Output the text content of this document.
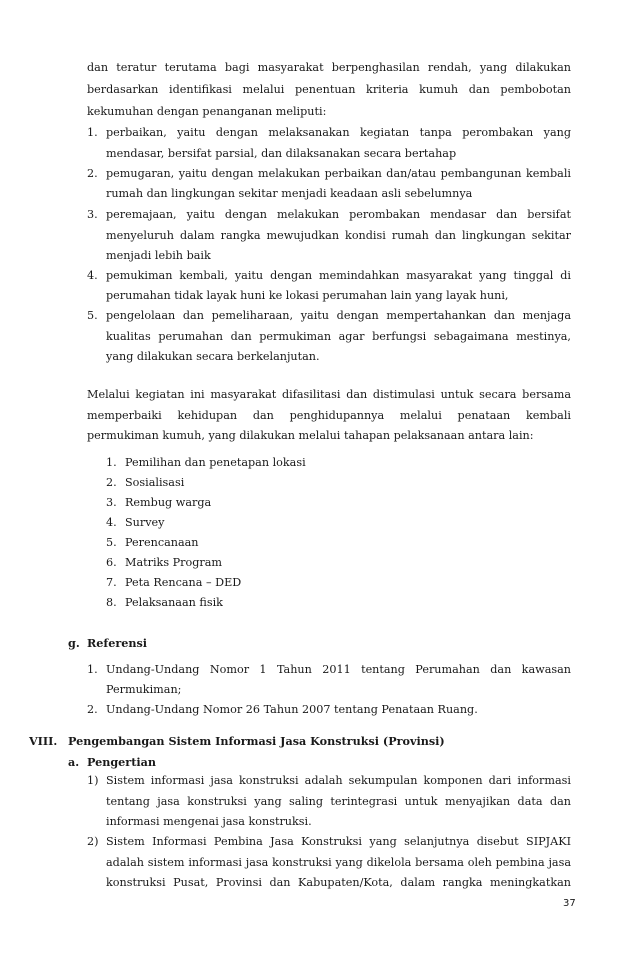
dan teratur terutama bagi masyarakat berpenghasilan rendah, yang dilakukan
berdasarkan identifikasi melalui penentuan kriteria kumuh dan pembobotan
kekumuhan dengan penanganan meliputi:
1. perbaikan, yaitu dengan melaksanakan kegiatan tanpa perombakan yang
mendasar, bersifat parsial, dan dilaksanakan secara bertahap
2. pemugaran, yaitu dengan melakukan perbaikan dan/atau pembangunan kembali
rumah dan lingkungan sekitar menjadi keadaan asli sebelumnya
3. peremajaan, yaitu dengan melakukan perombakan mendasar dan bersifat
menyeluruh dalam rangka mewujudkan kondisi rumah dan lingkungan sekitar
menjadi lebih baik
4. pemukiman kembali, yaitu dengan memindahkan masyarakat yang tinggal di
perumahan tidak layak huni ke lokasi perumahan lain yang layak huni,
5. pengelolaan dan pemeliharaan, yaitu dengan mempertahankan dan menjaga
kualitas perumahan dan permukiman agar berfungsi sebagaimana mestinya,
yang dilakukan secara berkelanjutan.
Melalui kegiatan ini masyarakat difasilitasi dan distimulasi untuk secara bersama
memperbaiki kehidupan dan penghidupannya melalui penataan kembali
permukiman kumuh, yang dilakukan melalui tahapan pelaksanaan antara lain:
1. Pemilihan dan penetapan lokasi
2. Sosialisasi
3. Rembug warga
4. Survey
5. Perencanaan
6. Matriks Program
7. Peta Rencana – DED
8. Pelaksanaan fisik
g. Referensi
1. Undang-Undang Nomor 1 Tahun 2011 tentang Perumahan dan kawasan
Permukiman;
2. Undang-Undang Nomor 26 Tahun 2007 tentang Penataan Ruang.
VIII. Pengembangan Sistem Informasi Jasa Konstruksi (Provinsi)
a. Pengertian
1) Sistem informasi jasa konstruksi adalah sekumpulan komponen dari informasi
tentang jasa konstruksi yang saling terintegrasi untuk menyajikan data dan
informasi mengenai jasa konstruksi.
2) Sistem Informasi Pembina Jasa Konstruksi yang selanjutnya disebut SIPJAKI
adalah sistem informasi jasa konstruksi yang dikelola bersama oleh pembina jasa
konstruksi Pusat, Provinsi dan Kabupaten/Kota, dalam rangka meningkatkan
37
